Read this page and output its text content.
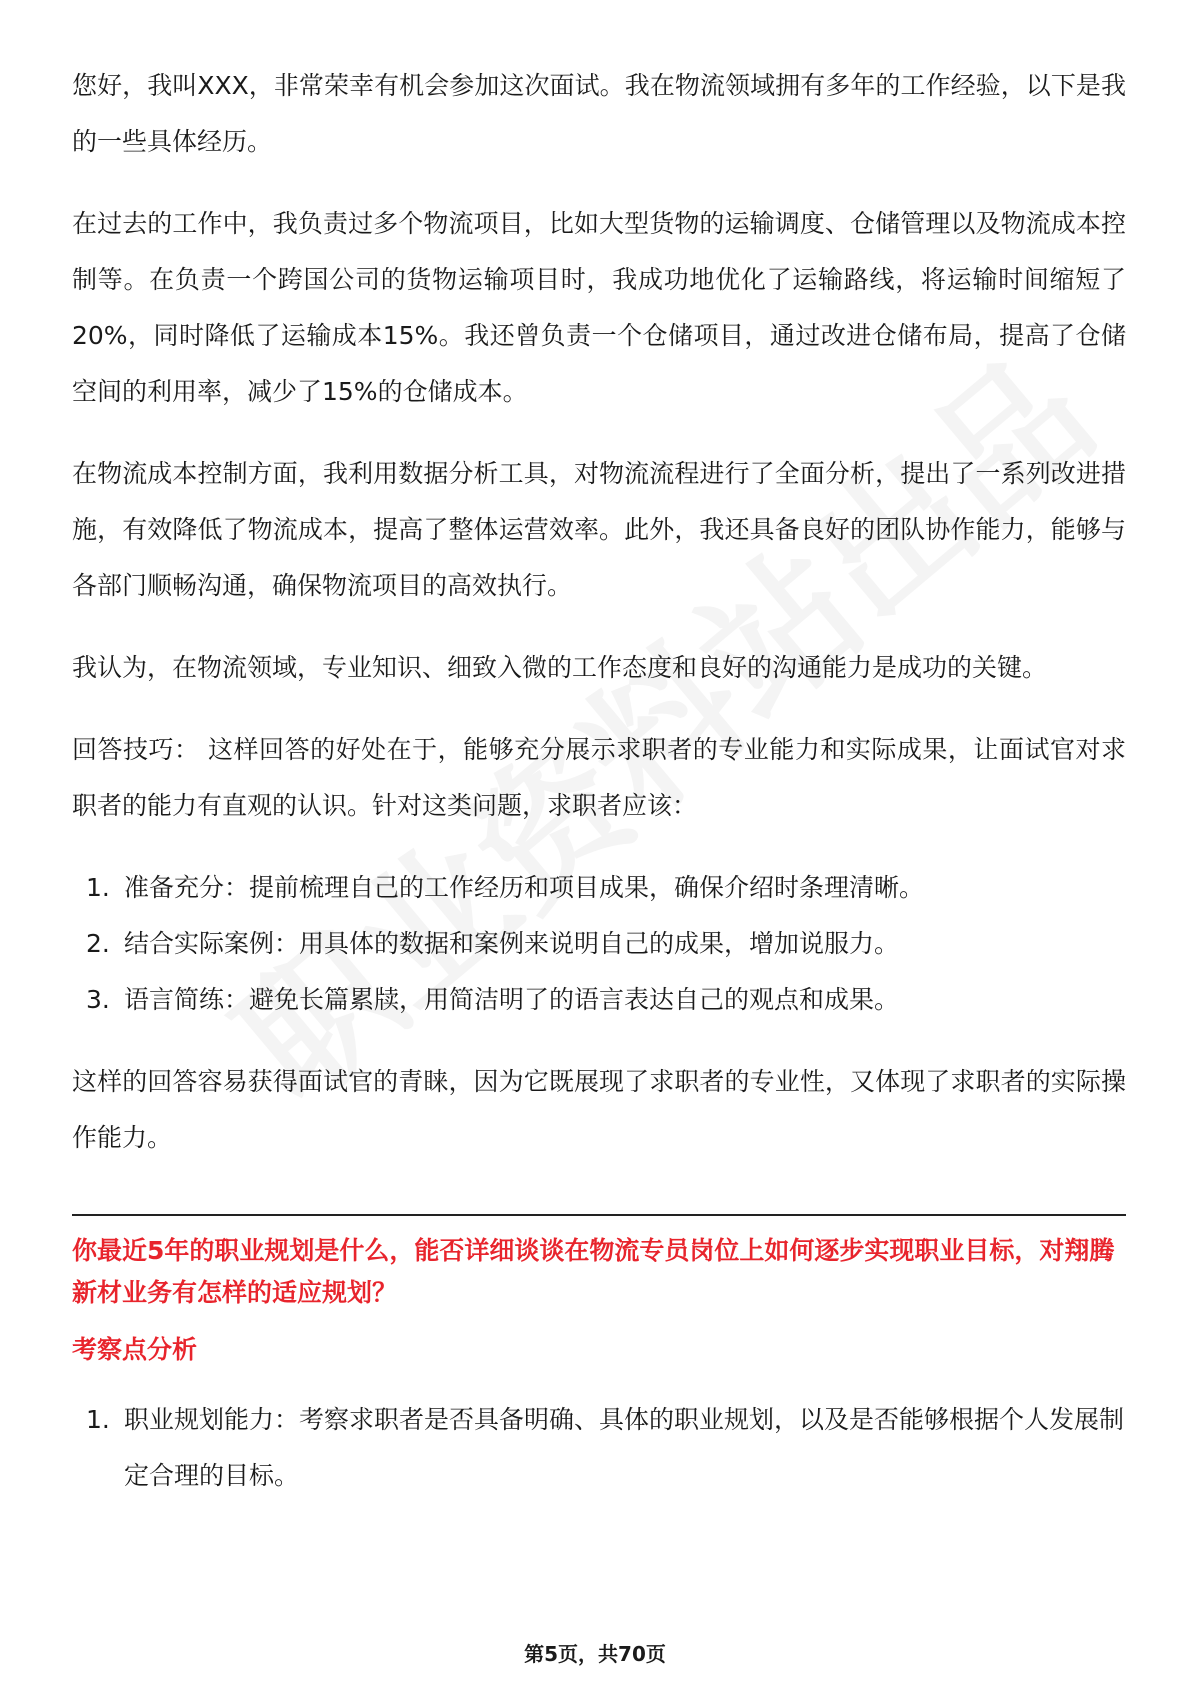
您好，我叫XXX，非常荣幸有机会参加这次面试。我在物流领域拥有多年的工作经验，以下是我的一些具体经历。

在过去的工作中，我负责过多个物流项目，比如大型货物的运输调度、仓储管理以及物流成本控制等。在负责一个跨国公司的货物运输项目时，我成功地优化了运输路线，将运输时间缩短了20%，同时降低了运输成本15%。我还曾负责一个仓储项目，通过改进仓储布局，提高了仓储空间的利用率，减少了15%的仓储成本。

在物流成本控制方面，我利用数据分析工具，对物流流程进行了全面分析，提出了一系列改进措施，有效降低了物流成本，提高了整体运营效率。此外，我还具备良好的团队协作能力，能够与各部门顺畅沟通，确保物流项目的高效执行。

我认为，在物流领域，专业知识、细致入微的工作态度和良好的沟通能力是成功的关键。

回答技巧： 这样回答的好处在于，能够充分展示求职者的专业能力和实际成果，让面试官对求职者的能力有直观的认识。针对这类问题，求职者应该：

1. 准备充分：提前梳理自己的工作经历和项目成果，确保介绍时条理清晰。
2. 结合实际案例：用具体的数据和案例来说明自己的成果，增加说服力。
3. 语言简练：避免长篇累牍，用简洁明了的语言表达自己的观点和成果。

这样的回答容易获得面试官的青睐，因为它既展现了求职者的专业性，又体现了求职者的实际操作能力。

你最近5年的职业规划是什么，能否详细谈谈在物流专员岗位上如何逐步实现职业目标，对翔腾新材业务有怎样的适应规划？
考察点分析
1. 职业规划能力：考察求职者是否具备明确、具体的职业规划，以及是否能够根据个人发展制定合理的目标。
第5页，共70页
